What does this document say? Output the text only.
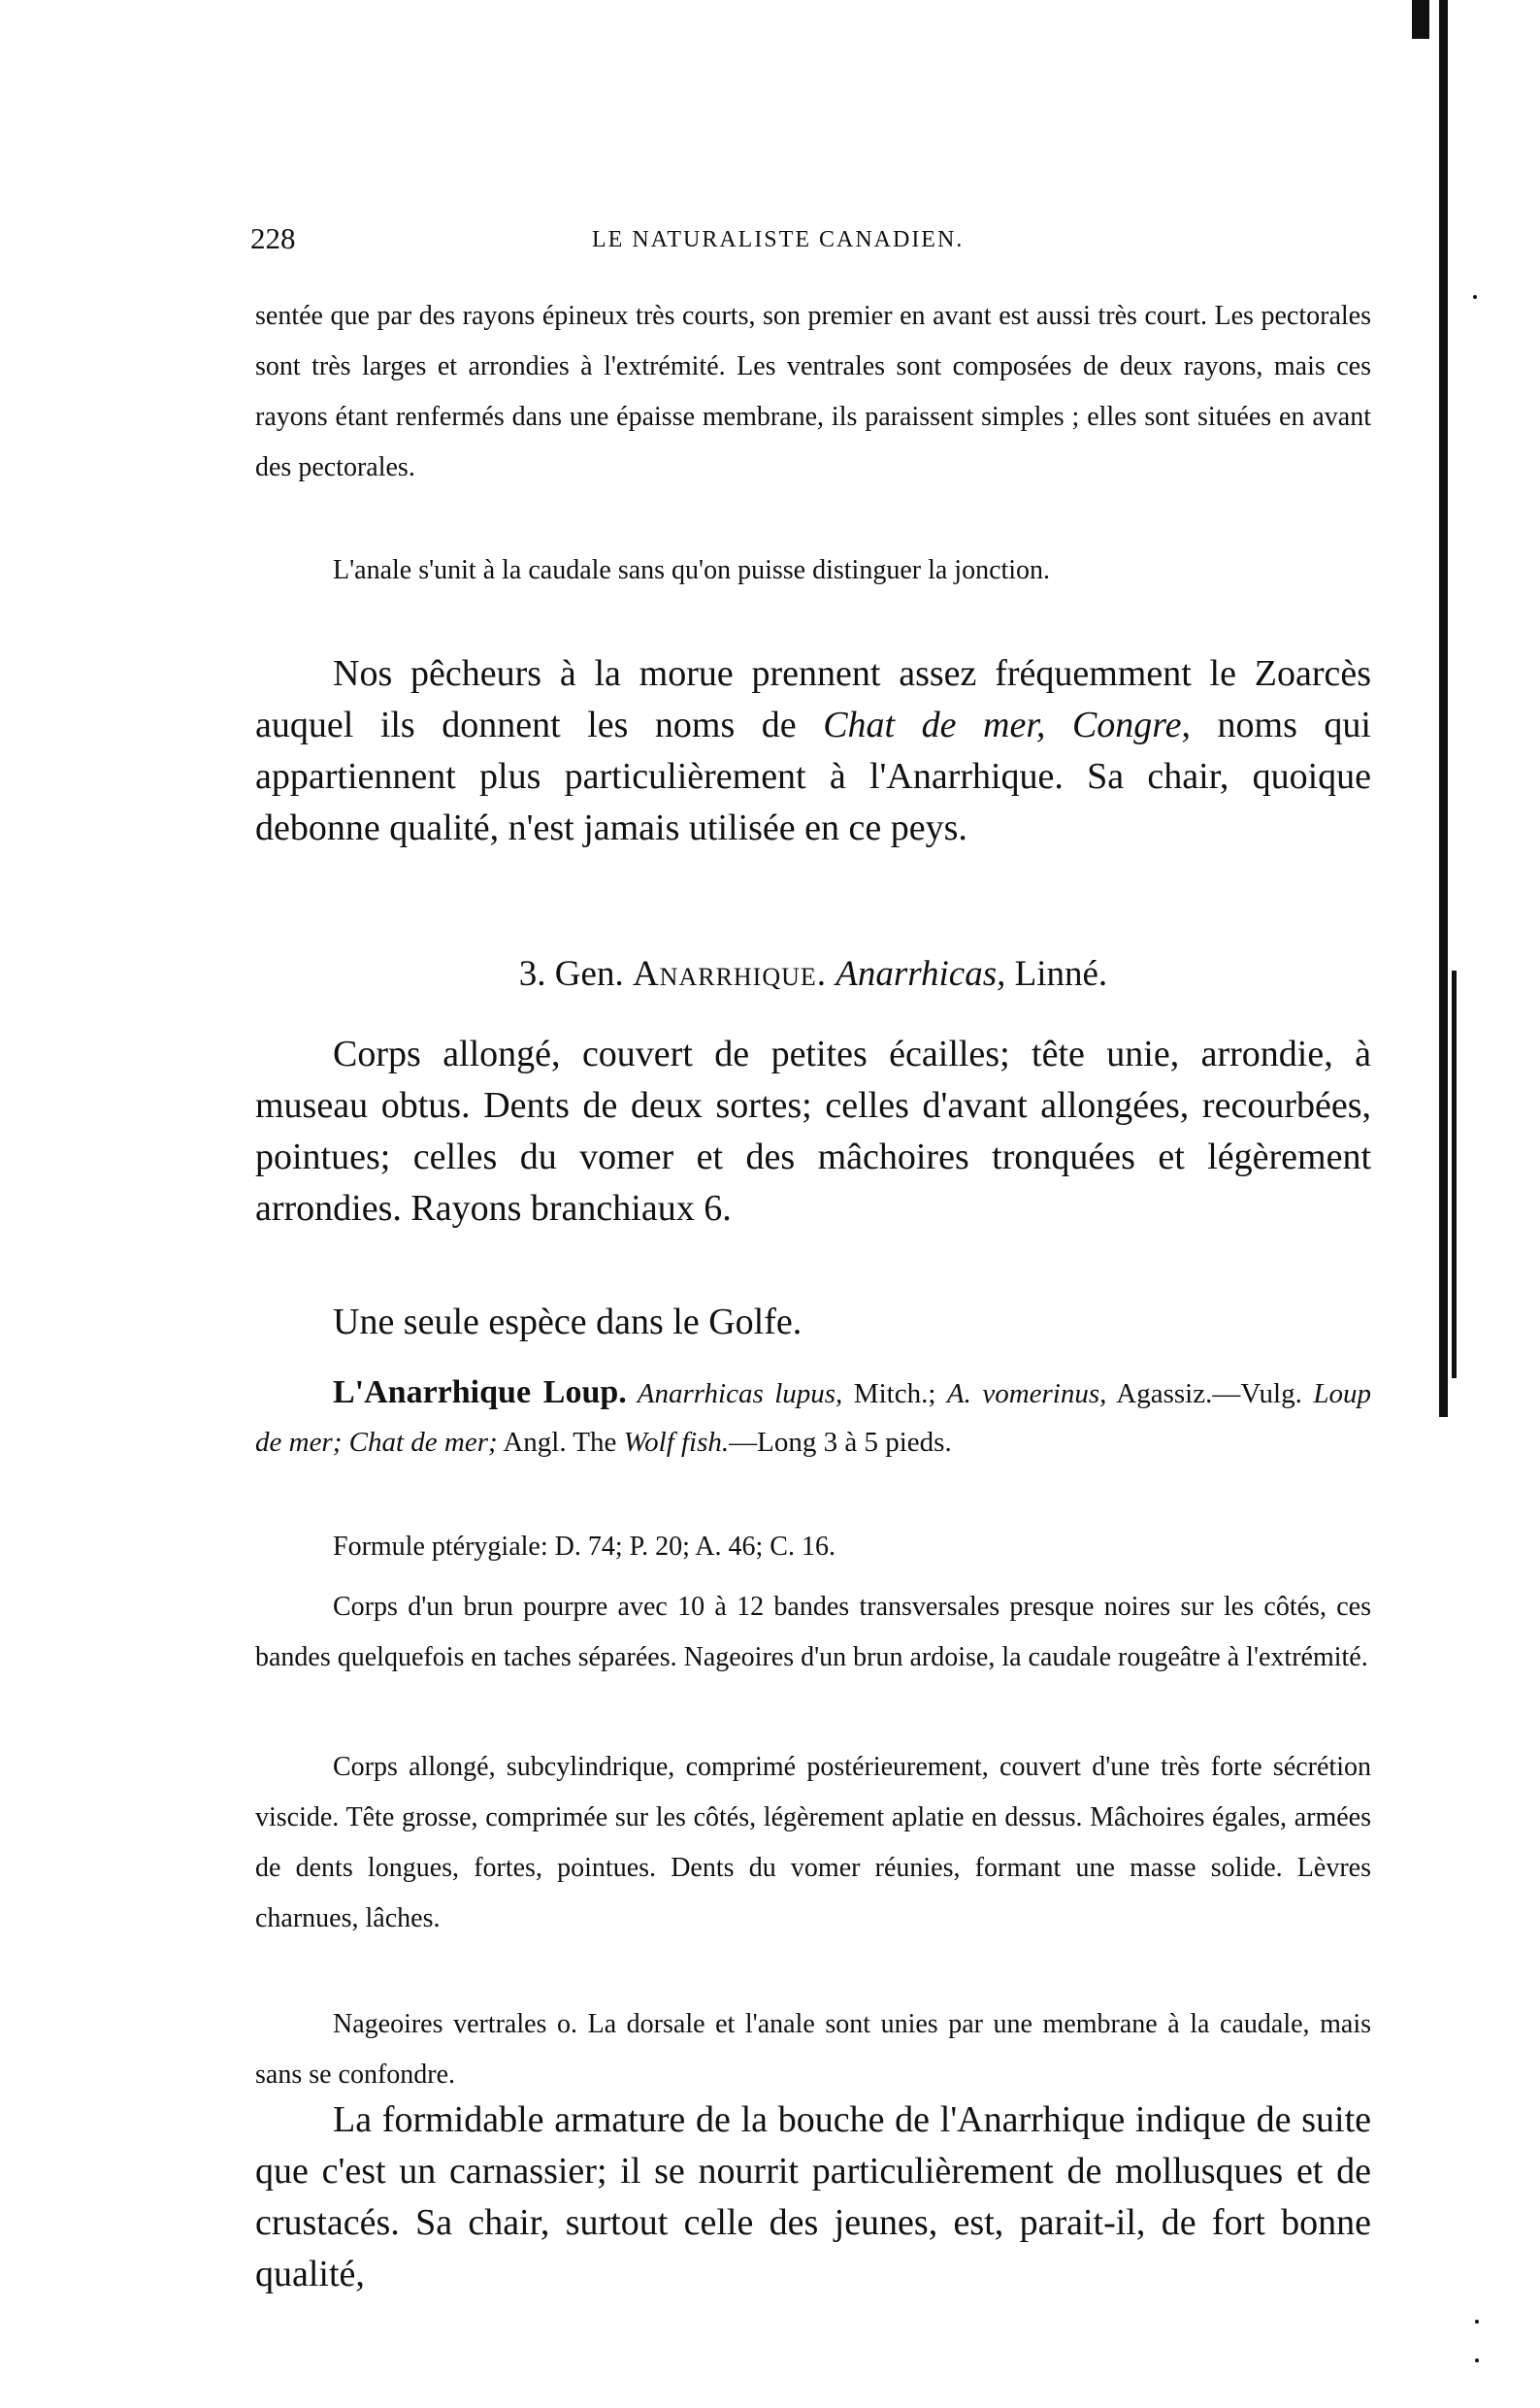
228	LE NATURALISTE CANADIEN.

sentée que par des rayons épineux très courts, son premier en avant est aussi très court. Les pectorales sont très larges et arrondies à l'extrémité. Les ventrales sont composées de deux rayons, mais ces rayons étant renfermés dans une épaisse membrane, ils paraissent simples ; elles sont situées en avant des pectorales.

L'anale s'unit à la caudale sans qu'on puisse distinguer la jonction.

Nos pêcheurs à la morue prennent assez fréquemment le Zoarcès auquel ils donnent les noms de Chat de mer, Congre, noms qui appartiennent plus particulièrement à l'Anarrhique. Sa chair, quoique debonne qualité, n'est jamais utilisée en ce peys.

3. Gen. Anarrhique. Anarrhicas, Linné.

Corps allongé, couvert de petites écailles; tête unie, arrondie, à museau obtus. Dents de deux sortes; celles d'avant allongées, recourbées, pointues; celles du vomer et des mâchoires tronquées et légèrement arrondies. Rayons branchiaux 6.

Une seule espèce dans le Golfe.

L'Anarrhique Loup. Anarrhicas lupus, Mitch.; A. vomerinus, Agassiz.—Vulg. Loup de mer; Chat de mer; Angl. The Wolf fish.—Long 3 à 5 pieds.

Formule ptérygiale: D. 74; P. 20; A. 46; C. 16.

Corps d'un brun pourpre avec 10 à 12 bandes transversales presque noires sur les côtés, ces bandes quelquefois en taches séparées. Nageoires d'un brun ardoise, la caudale rougeâtre à l'extrémité.

Corps allongé, subcylindrique, comprimé postérieurement, couvert d'une très forte sécrétion viscide. Tête grosse, comprimée sur les côtés, légèrement aplatie en dessus. Mâchoires égales, armées de dents longues, fortes, pointues. Dents du vomer réunies, formant une masse solide. Lèvres charnues, lâches.

Nageoires vertrales o. La dorsale et l'anale sont unies par une membrane à la caudale, mais sans se confondre.

La formidable armature de la bouche de l'Anarrhique indique de suite que c'est un carnassier; il se nourrit particulièrement de mollusques et de crustacés. Sa chair, surtout celle des jeunes, est, parait-il, de fort bonne qualité,
